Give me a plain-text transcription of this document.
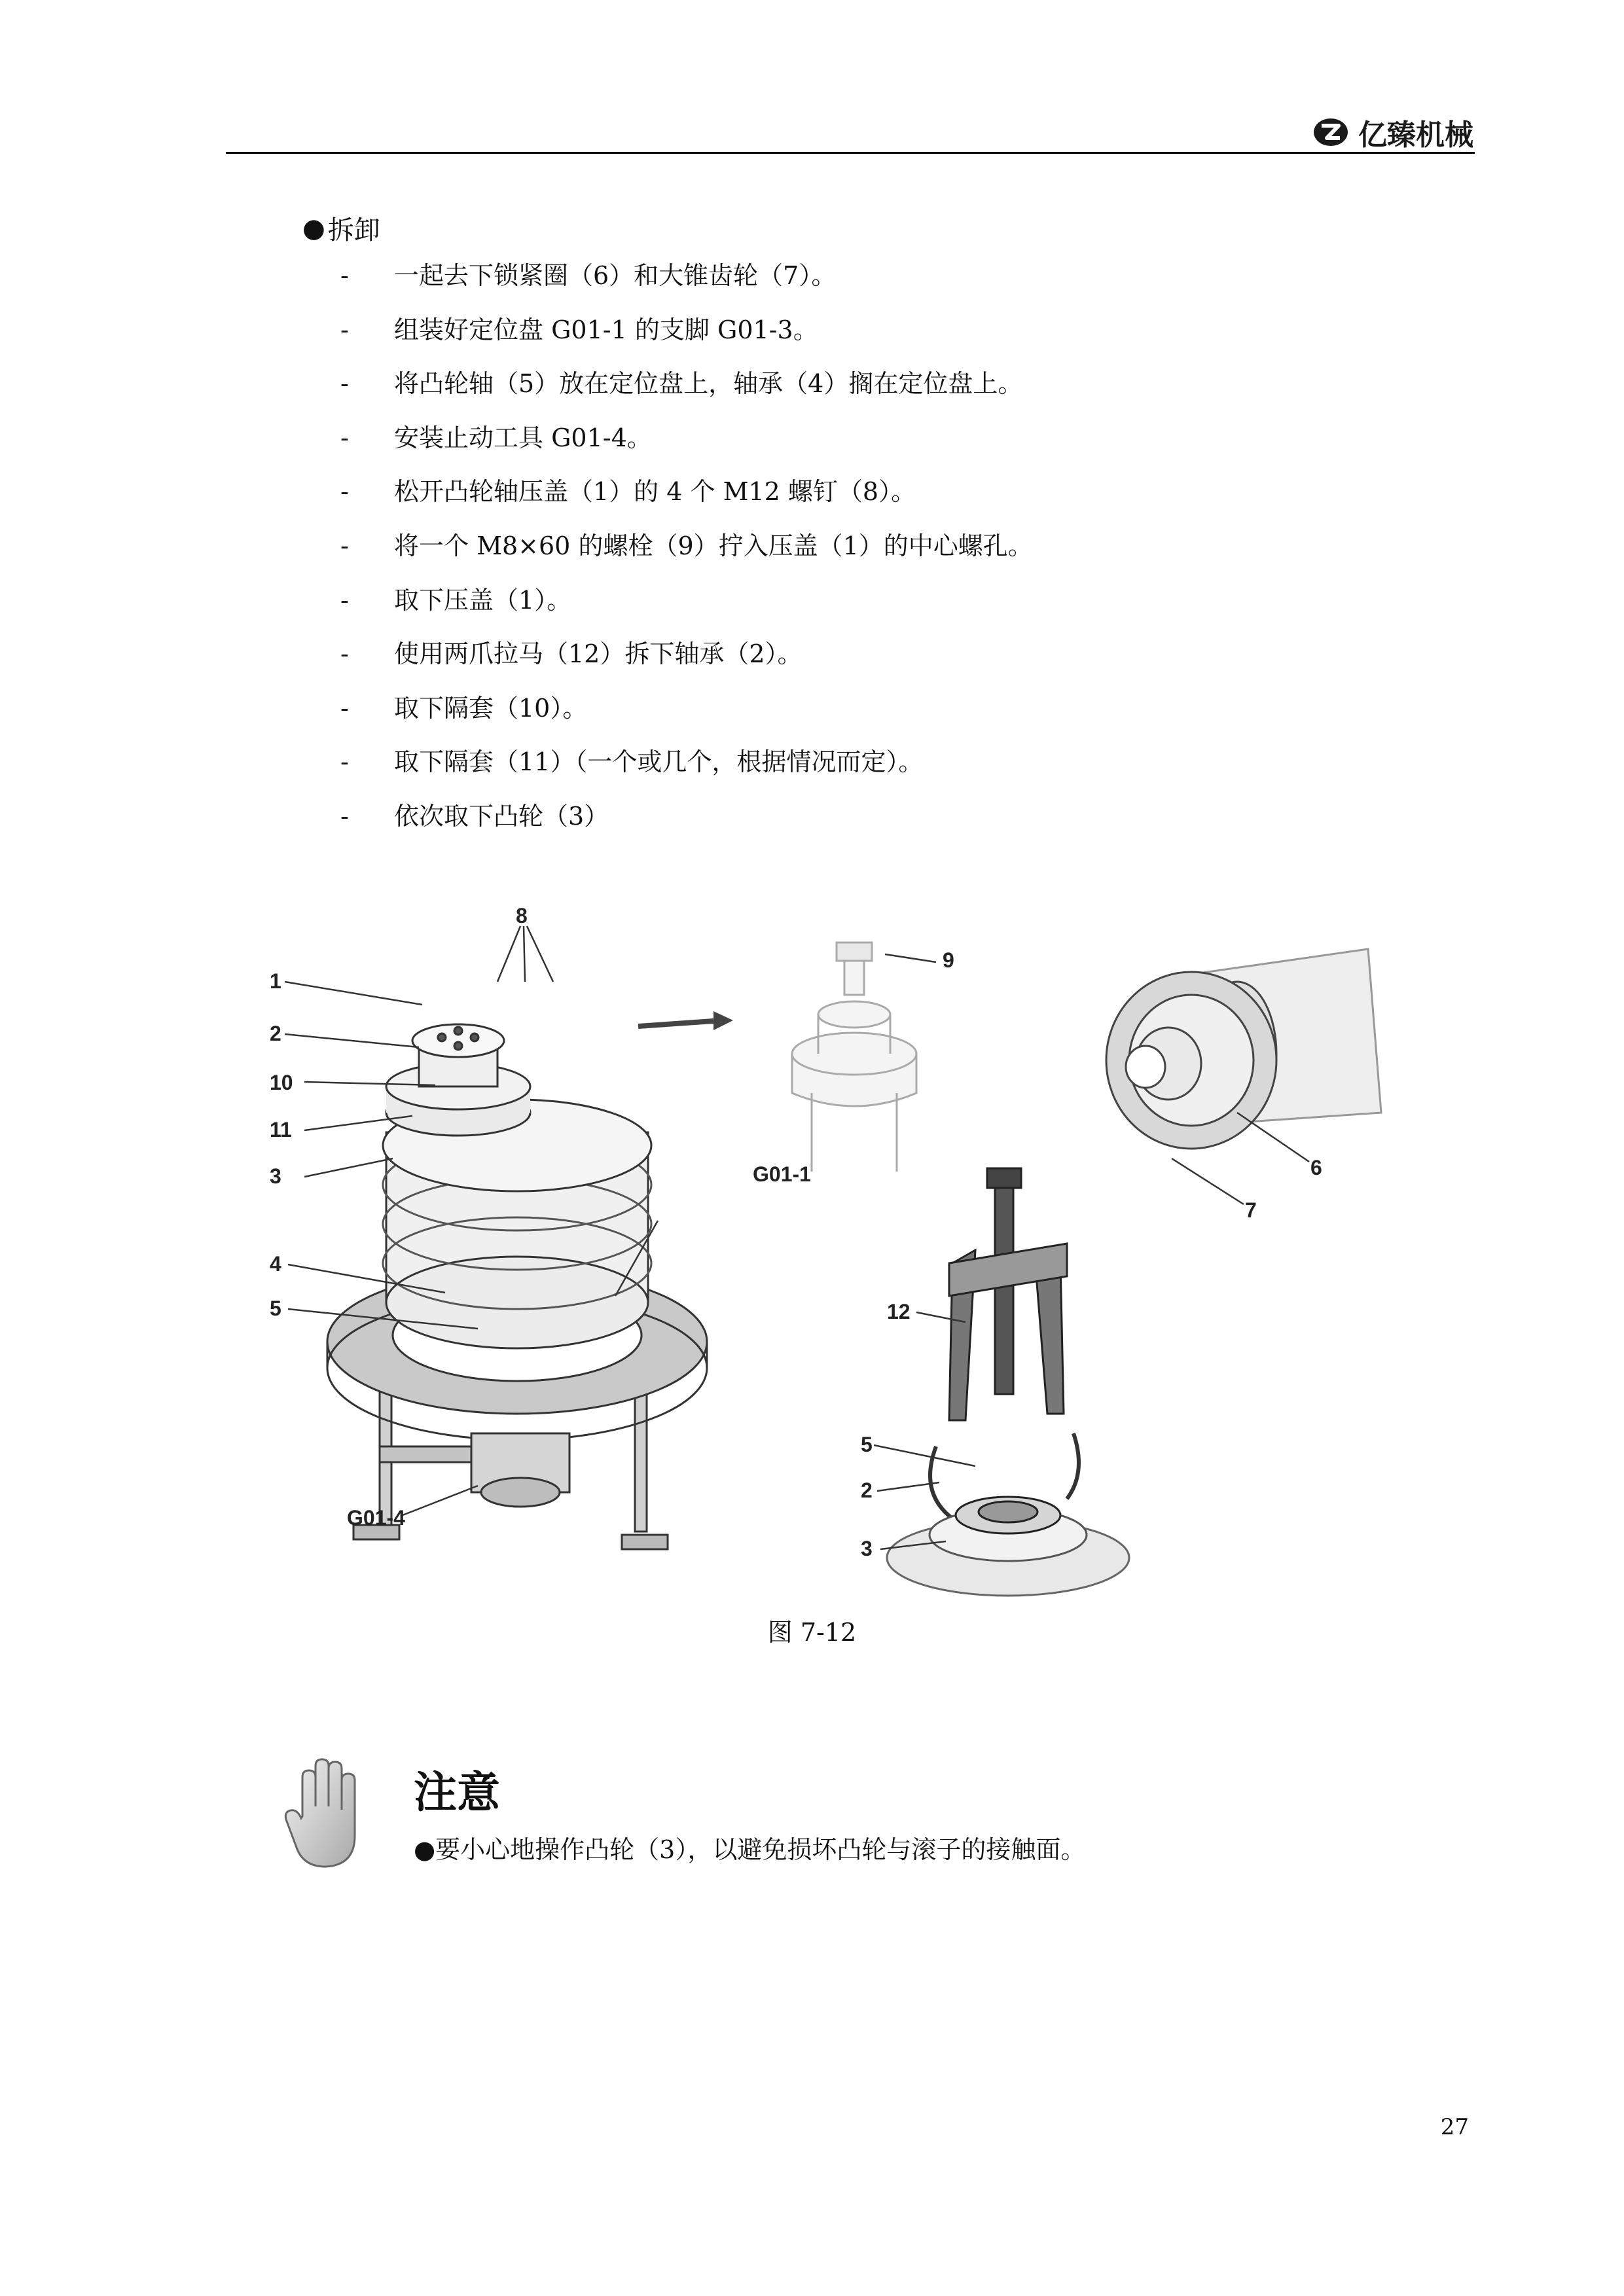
亿臻机械
● 拆卸
-	一起去下锁紧圈（6）和大锥齿轮（7）。
-	组装好定位盘 G01-1 的支脚 G01-3。
-	将凸轮轴（5）放在定位盘上，轴承（4）搁在定位盘上。
-	安装止动工具 G01-4。
-	松开凸轮轴压盖（1）的 4 个 M12 螺钉（8）。
-	将一个 M8×60 的螺栓（9）拧入压盖（1）的中心螺孔。
-	取下压盖（1）。
-	使用两爪拉马（12）拆下轴承（2）。
-	取下隔套（10）。
-	取下隔套（11）（一个或几个，根据情况而定）。
-	依次取下凸轮（3）
8
1
2
10
11
3
4
5
G01-1
G01-4
9
6
7
12
5
2
3
图 7-12
注意
●要小心地操作凸轮（3），以避免损坏凸轮与滚子的接触面。
27
